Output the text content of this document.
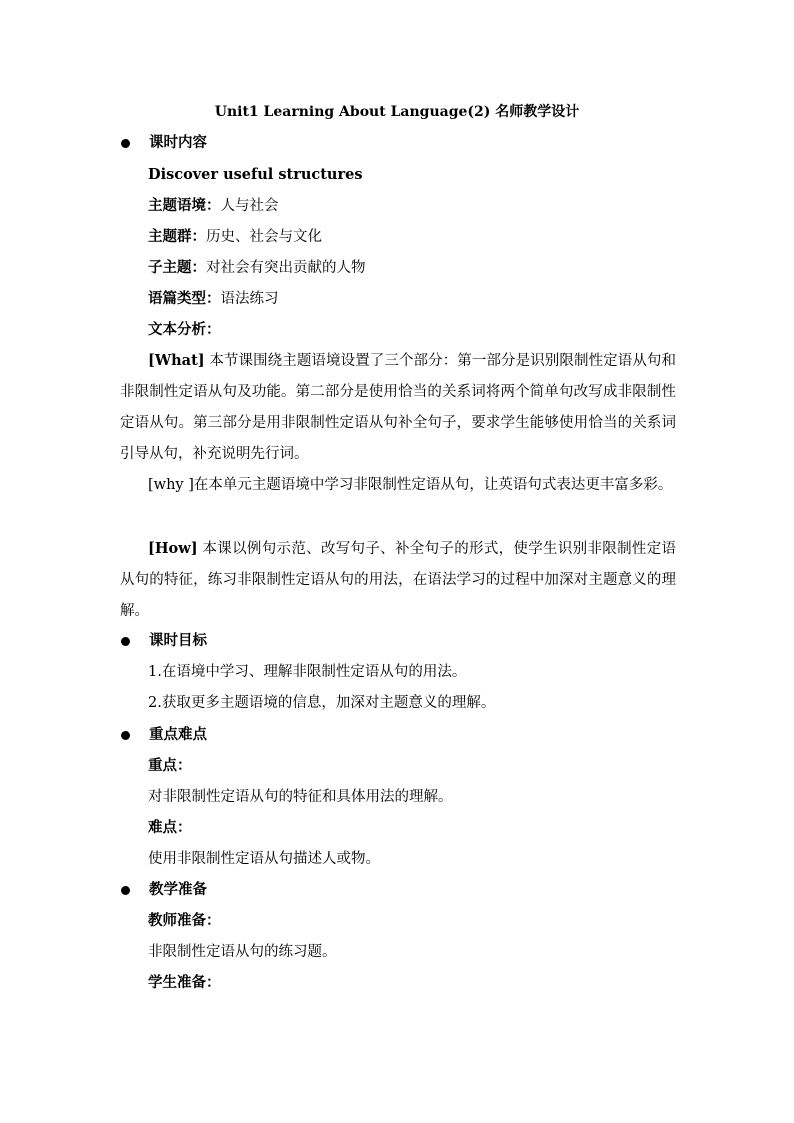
Unit1 Learning About Language(2) 名师教学设计
课时内容
Discover useful structures
主题语境：人与社会
主题群：历史、社会与文化
子主题：对社会有突出贡献的人物
语篇类型：语法练习
文本分析：
[What] 本节课围绕主题语境设置了三个部分：第一部分是识别限制性定语从句和非限制性定语从句及功能。第二部分是使用恰当的关系词将两个简单句改写成非限制性定语从句。第三部分是用非限制性定语从句补全句子，要求学生能够使用恰当的关系词引导从句，补充说明先行词。
[why ]在本单元主题语境中学习非限制性定语从句，让英语句式表达更丰富多彩。
[How] 本课以例句示范、改写句子、补全句子的形式，使学生识别非限制性定语从句的特征，练习非限制性定语从句的用法，在语法学习的过程中加深对主题意义的理解。
课时目标
1.在语境中学习、理解非限制性定语从句的用法。
2.获取更多主题语境的信息，加深对主题意义的理解。
重点难点
重点：
对非限制性定语从句的特征和具体用法的理解。
难点：
使用非限制性定语从句描述人或物。
教学准备
教师准备：
非限制性定语从句的练习题。
学生准备：
